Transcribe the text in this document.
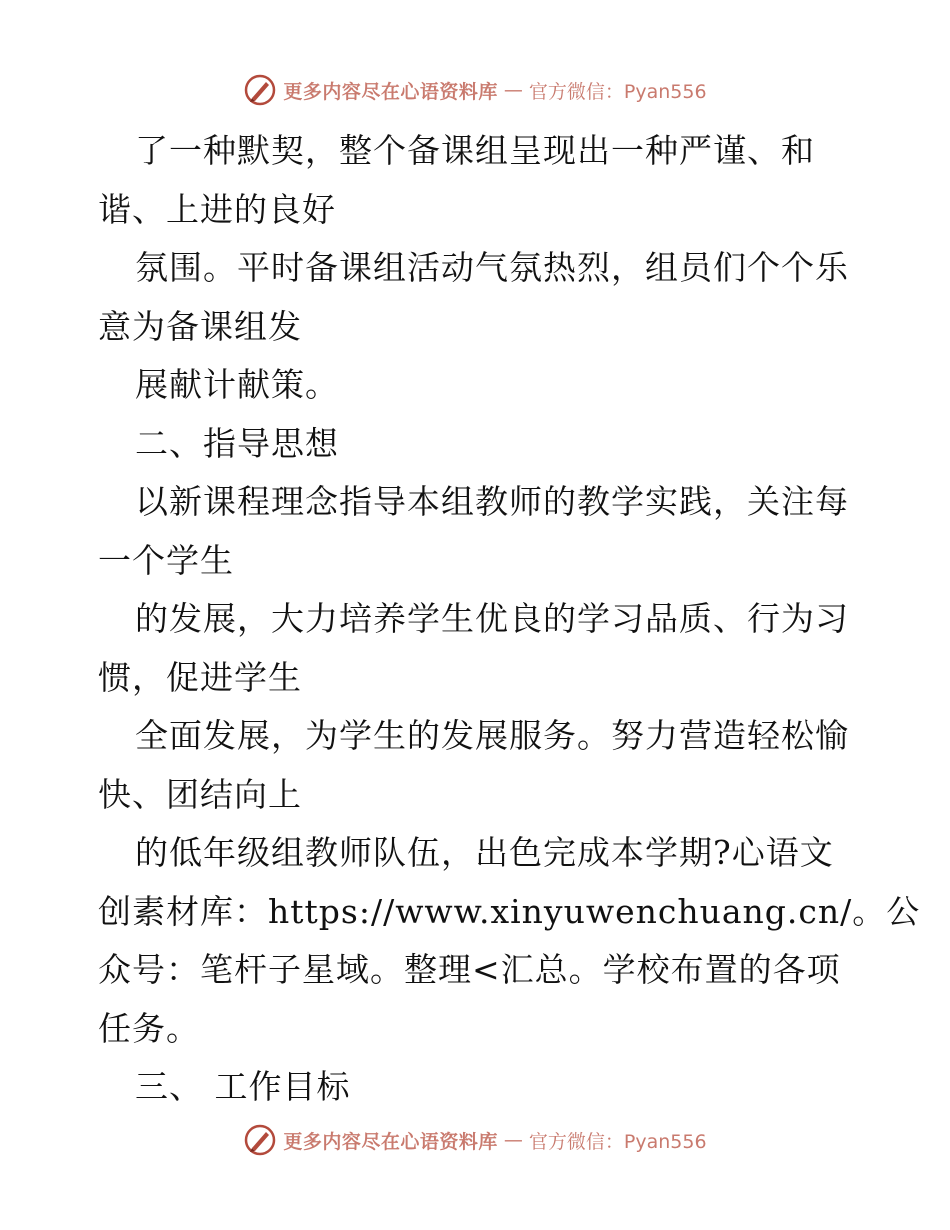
更多内容尽在心语资料库 — 官方微信：Pyan556
了一种默契，整个备课组呈现出一种严谨、和
谐、上进的良好
氛围。平时备课组活动气氛热烈，组员们个个乐
意为备课组发
展献计献策。
二、指导思想
以新课程理念指导本组教师的教学实践，关注每
一个学生
的发展，大力培养学生优良的学习品质、行为习
惯，促进学生
全面发展，为学生的发展服务。努力营造轻松愉
快、团结向上
的低年级组教师队伍，出色完成本学期?心语文
创素材库：https://www.xinyuwenchuang.cn/。公
众号：笔杆子星域。整理<汇总。学校布置的各项
任务。
三、 工作目标
更多内容尽在心语资料库 — 官方微信：Pyan556
